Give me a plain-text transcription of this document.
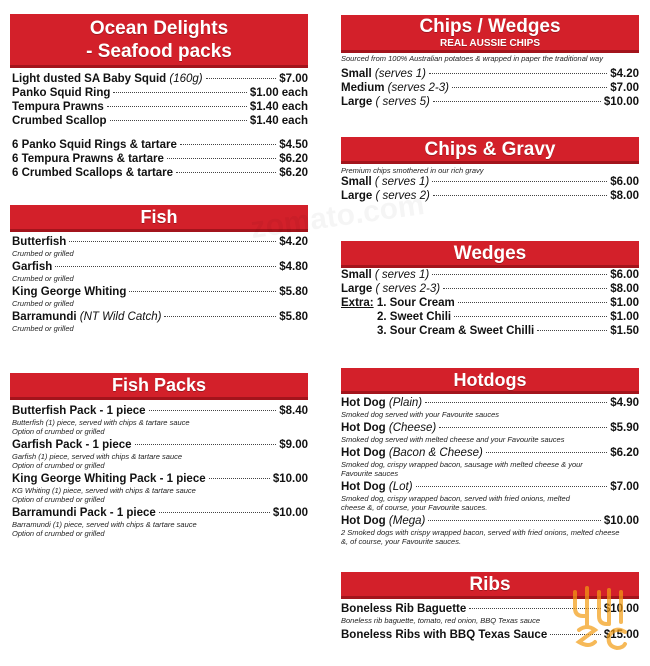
Ocean Delights
- Seafood packs
Light dusted SA Baby Squid (160g)	$7.00
Panko Squid Ring	$1.00 each
Tempura Prawns	$1.40 each
Crumbed Scallop	$1.40 each
6 Panko Squid Rings & tartare	$4.50
6 Tempura Prawns & tartare	$6.20
6 Crumbed Scallops & tartare	$6.20
Fish
Butterfish	$4.20
Crumbed or grilled
Garfish	$4.80
Crumbed or grilled
King George Whiting	$5.80
Crumbed or grilled
Barramundi (NT Wild Catch)	$5.80
Crumbed or grilled
Fish Packs
Butterfish Pack - 1 piece	$8.40
Butterfish (1) piece, served with chips & tartare sauce
Option of crumbed or grilled
Garfish Pack - 1 piece	$9.00
Garfish (1) piece, served with chips & tartare sauce
Option of crumbed or grilled
King George Whiting Pack - 1 piece	$10.00
KG Whiting (1) piece, served with chips & tartare sauce
Option of crumbed or grilled
Barramundi Pack - 1 piece	$10.00
Barramundi (1) piece, served with chips & tartare sauce
Option of crumbed or grilled
Chips / Wedges
REAL AUSSIE CHIPS
Sourced from 100% Australian potatoes & wrapped in paper the traditional way
Small (serves 1)	$4.20
Medium (serves 2-3)	$7.00
Large ( serves 5)	$10.00
Chips & Gravy
Premium chips smothered in our rich gravy
Small ( serves 1)	$6.00
Large ( serves 2)	$8.00
Wedges
Small ( serves 1)	$6.00
Large ( serves 2-3)	$8.00
Extra: 1. Sour Cream	$1.00
2. Sweet Chili	$1.00
3. Sour Cream & Sweet Chilli	$1.50
Hotdogs
Hot Dog (Plain)	$4.90
Smoked dog served with your Favourite sauces
Hot Dog (Cheese)	$5.90
Smoked dog served with melted cheese and your Favourite sauces
Hot Dog (Bacon & Cheese)	$6.20
Smoked dog, crispy wrapped bacon, sausage with melted cheese & your Favourite sauces
Hot Dog (Lot)	$7.00
Smoked dog, crispy wrapped bacon, served with fried onions, melted cheese &, of course, your Favourite sauces.
Hot Dog (Mega)	$10.00
2 Smoked dogs with crispy wrapped bacon, served with fried onions, melted cheese &, of course, your Favourite sauces.
Ribs
Boneless Rib Baguette	$10.00
Boneless rib baguette, tomato, red onion, BBQ Texas sauce
Boneless Ribs with BBQ Texas Sauce	$15.00
